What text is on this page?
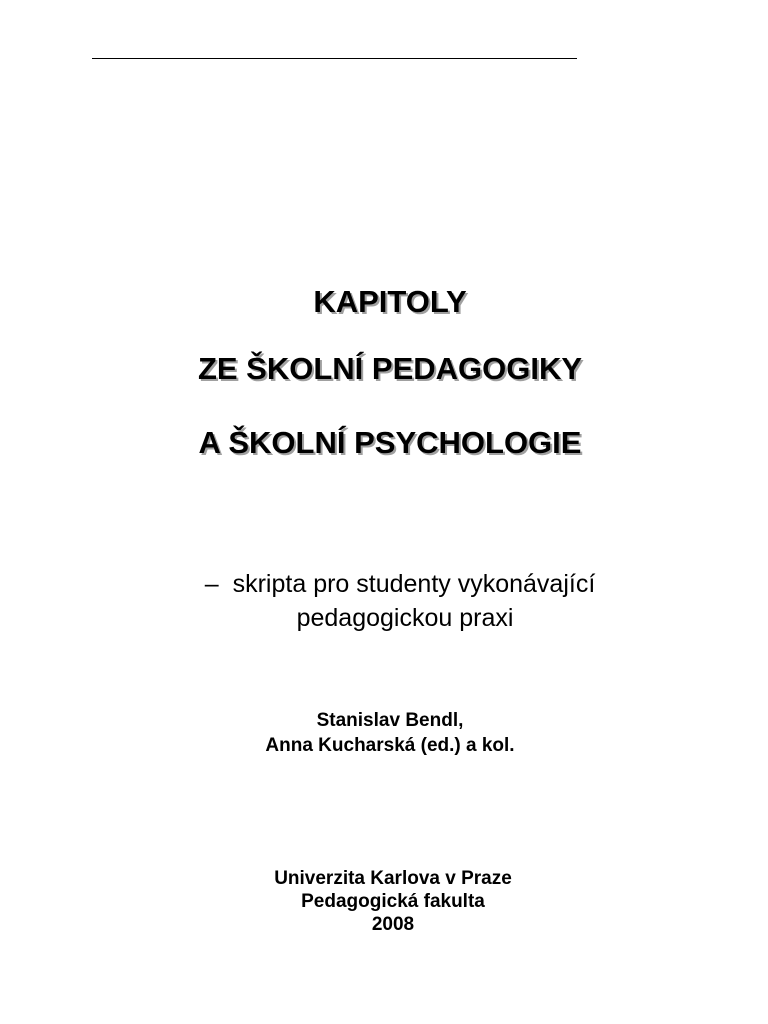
KAPITOLY
ZE ŠKOLNÍ PEDAGOGIKY
A ŠKOLNÍ PSYCHOLOGIE
– skripta pro studenty vykonávající
pedagogickou praxi
Stanislav Bendl,
Anna Kucharská (ed.) a kol.
Univerzita Karlova v Praze
Pedagogická fakulta
2008
